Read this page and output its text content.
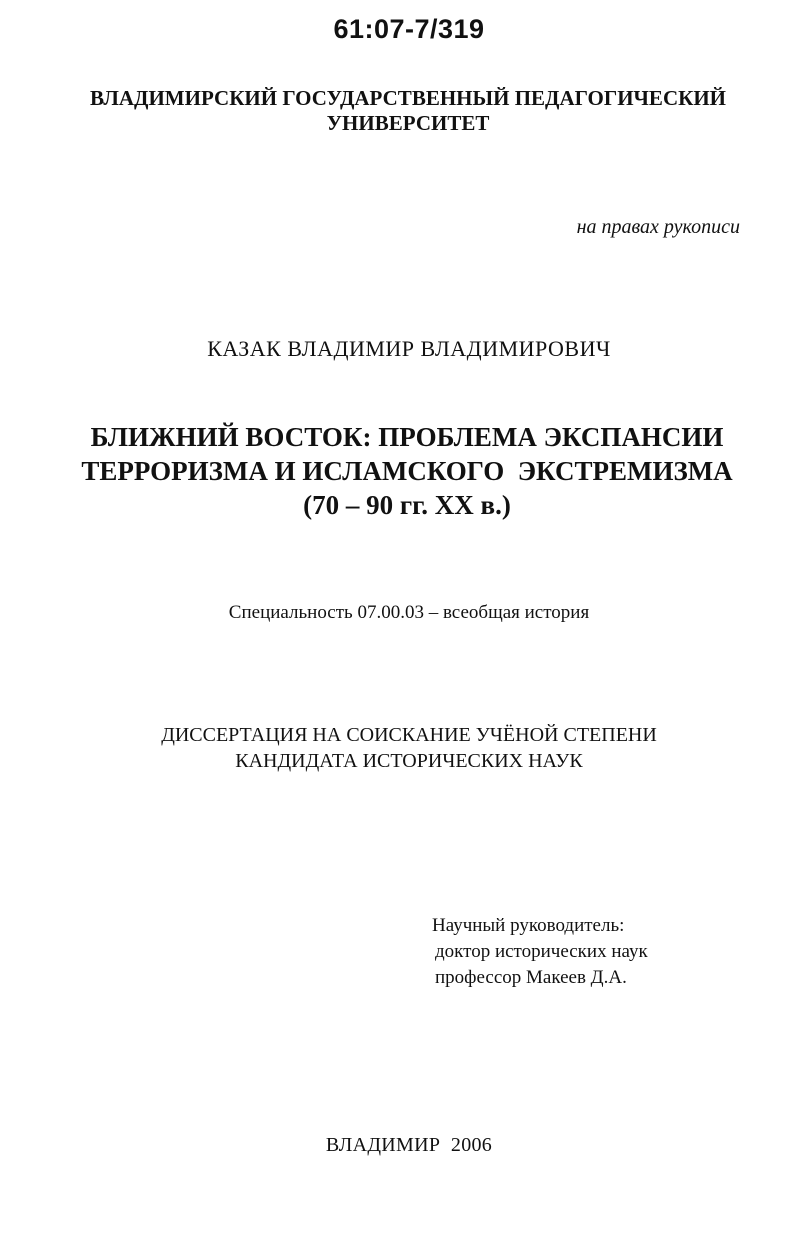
61:07-7/319
ВЛАДИМИРСКИЙ ГОСУДАРСТВЕННЫЙ ПЕДАГОГИЧЕСКИЙ
УНИВЕРСИТЕТ
на правах рукописи
КАЗАК ВЛАДИМИР ВЛАДИМИРОВИЧ
БЛИЖНИЙ ВОСТОК: ПРОБЛЕМА ЭКСПАНСИИ
ТЕРРОРИЗМА И ИСЛАМСКОГО  ЭКСТРЕМИЗМА
(70 – 90 гг. XX в.)
Специальность 07.00.03 – всеобщая история
ДИССЕРТАЦИЯ НА СОИСКАНИЕ УЧЁНОЙ СТЕПЕНИ
КАНДИДАТА ИСТОРИЧЕСКИХ НАУК
Научный руководитель:
доктор исторических наук
профессор Макеев Д.А.
ВЛАДИМИР  2006
